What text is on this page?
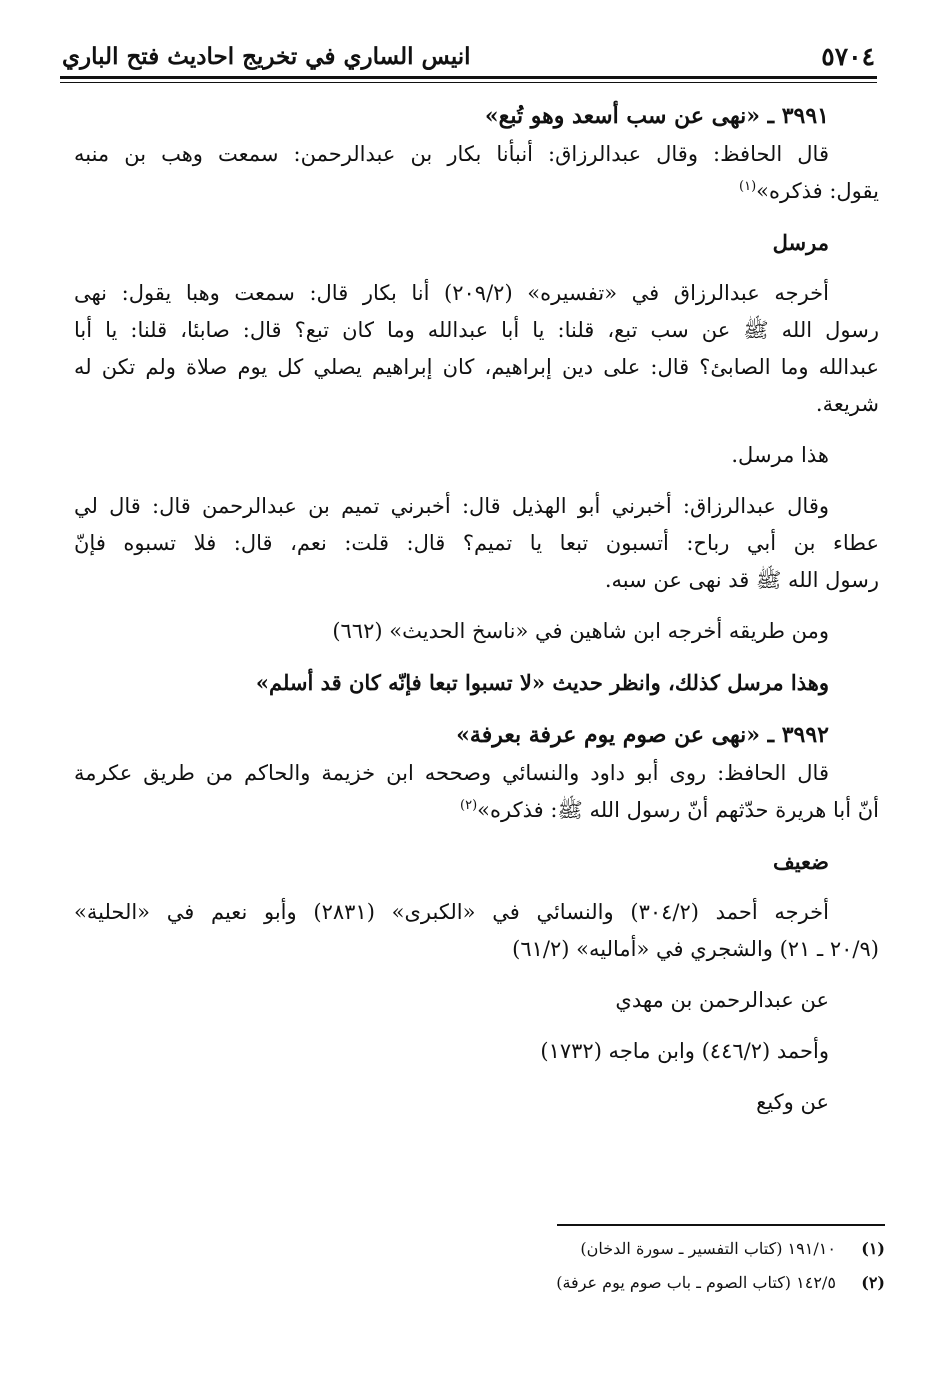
٥٧٠٤
انيس الساري في تخريج احاديث فتح الباري
٣٩٩١ ـ «نهى عن سب أسعد وهو تُبع»
قال الحافظ: وقال عبدالرزاق: أنبأنا بكار بن عبدالرحمن: سمعت وهب بن منبه
يقول: فذكره»$^{(١)}$
مرسل
أخرجه عبدالرزاق في «تفسيره» (٢٠٩/٢) أنا بكار قال: سمعت وهبا يقول: نهى
رسول الله ﷺ عن سب تبع، قلنا: يا أبا عبدالله وما كان تبع؟ قال: صابئا، قلنا: يا أبا
عبدالله وما الصابئ؟ قال: على دين إبراهيم، كان إبراهيم يصلي كل يوم صلاة ولم تكن له
شريعة.
هذا مرسل.
وقال عبدالرزاق: أخبرني أبو الهذيل قال: أخبرني تميم بن عبدالرحمن قال: قال لي
عطاء بن أبي رباح: أتسبون تبعا يا تميم؟ قال: قلت: نعم، قال: فلا تسبوه فإنّ
رسول الله ﷺ قد نهى عن سبه.
ومن طريقه أخرجه ابن شاهين في «ناسخ الحديث» (٦٦٢)
وهذا مرسل كذلك، وانظر حديث «لا تسبوا تبعا فإنّه كان قد أسلم»
٣٩٩٢ ـ «نهى عن صوم يوم عرفة بعرفة»
قال الحافظ: روى أبو داود والنسائي وصححه ابن خزيمة والحاكم من طريق عكرمة
أنّ أبا هريرة حدّثهم أنّ رسول الله ﷺ: فذكره»$^{(٢)}$
ضعيف
أخرجه أحمد (٣٠٤/٢) والنسائي في «الكبرى» (٢٨٣١) وأبو نعيم في «الحلية»
(٢٠/٩ ـ ٢١) والشجري في «أماليه» (٦١/٢)
عن عبدالرحمن بن مهدي
وأحمد (٤٤٦/٢) وابن ماجه (١٧٣٢)
عن وكيع
(١) ١٩١/١٠ (كتاب التفسير ـ سورة الدخان)
(٢) ١٤٢/٥ (كتاب الصوم ـ باب صوم يوم عرفة)
